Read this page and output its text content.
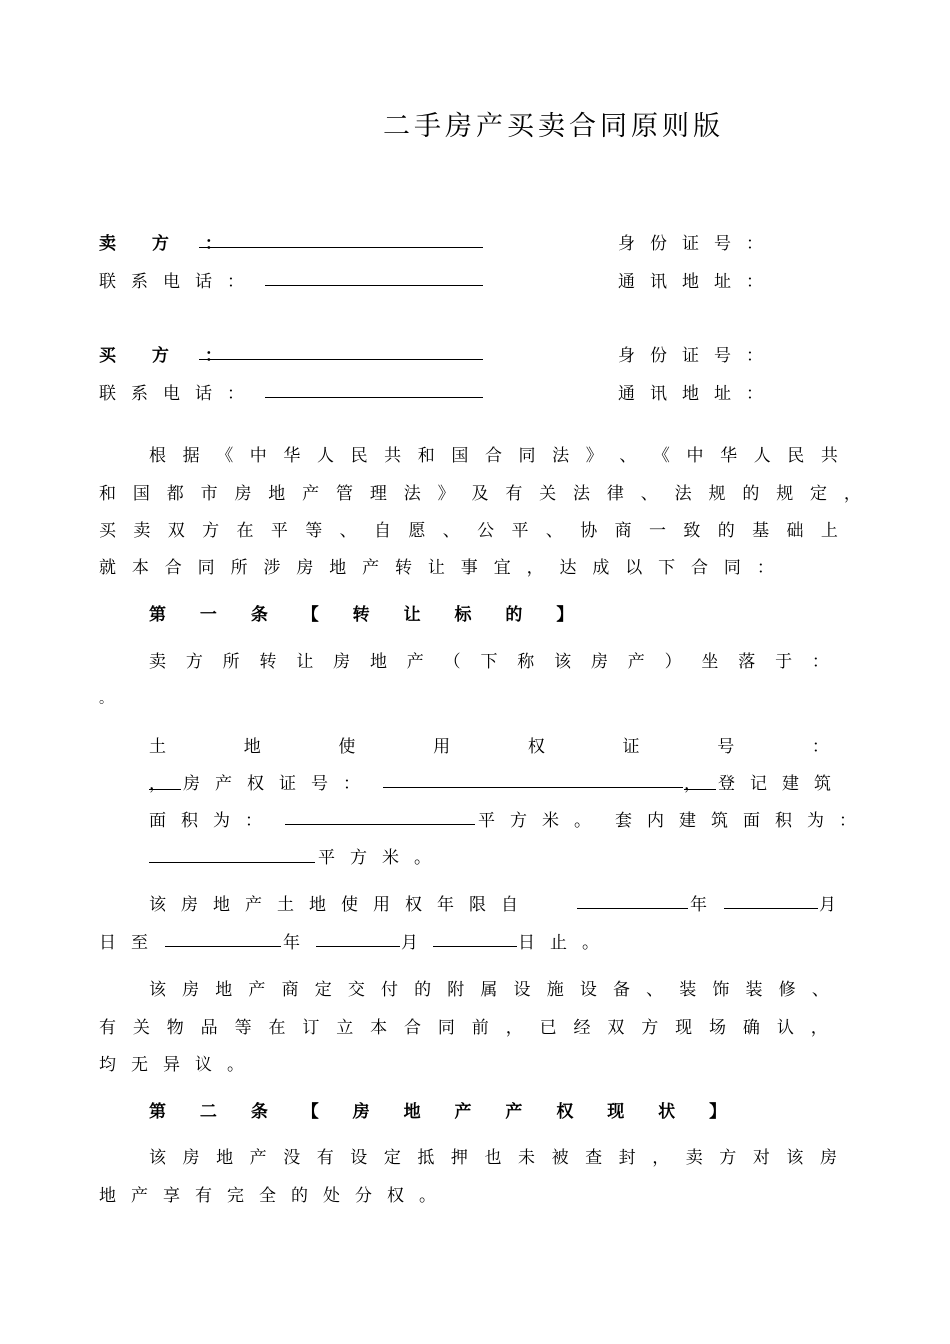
二手房产买卖合同原则版
卖 方 ：	身份证号：
联系电话：	通讯地址：
买 方 ：	身份证号：
联系电话：	通讯地址：
根 据 《 中 华 人 民 共 和 国 合 同 法 》 、 《 中 华 人 民 共
和 国 都 市 房 地 产 管 理 法 》 及 有 关 法 律 、 法 规 的 规 定 ，
买 卖 双 方 在 平 等 、 自 愿 、 公 平 、 协 商 一 致 的 基 础 上
就 本 合 同 所 涉 房 地 产 转 让 事 宜 ， 达 成 以 下 合 同 ：
第 一 条 【 转 让 标 的 】
卖 方 所 转 让 房 地 产 （ 下 称 该 房 产 ） 坐 落 于 ：
。
土	地	使	用	权	证	号	：
，	房产权证号：	，	登记建筑
面积为：	平方米。 套内建筑面积为：
平方米。
该房地产土地使用权年限自	年	月
日至	年	月	日止。
该 房 地 产 商 定 交 付 的 附 属 设 施 设 备 、 装 饰 装 修 、
有 关 物 品 等 在 订 立 本 合 同 前 ， 已 经 双 方 现 场 确 认 ，
均无异议。
第 二 条 【 房 地 产 产 权 现 状 】
该 房 地 产 没 有 设 定 抵 押 也 未 被 查 封 ， 卖 方 对 该 房
地产享有完全的处分权。
